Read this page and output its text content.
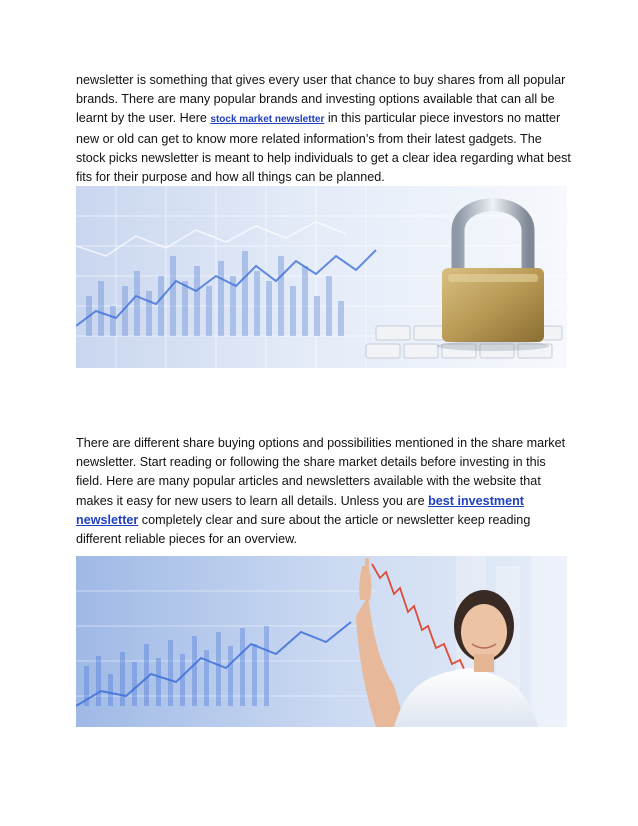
newsletter is something that gives every user that chance to buy shares from all popular brands. There are many popular brands and investing options available that can all be learnt by the user. Here stock market newsletter in this particular piece investors no matter new or old can get to know more related information’s from their latest gadgets. The stock picks newsletter is meant to help individuals to get a clear idea regarding what best fits for their purpose and how all things can be planned.

There are different share buying options and possibilities mentioned in the share market newsletter. Start reading or following the share market details before investing in this field. Here are many popular articles and newsletters available with the website that makes it easy for new users to learn all details. Unless you are best investment newsletter completely clear and sure about the article or newsletter keep reading different reliable pieces for an overview.
